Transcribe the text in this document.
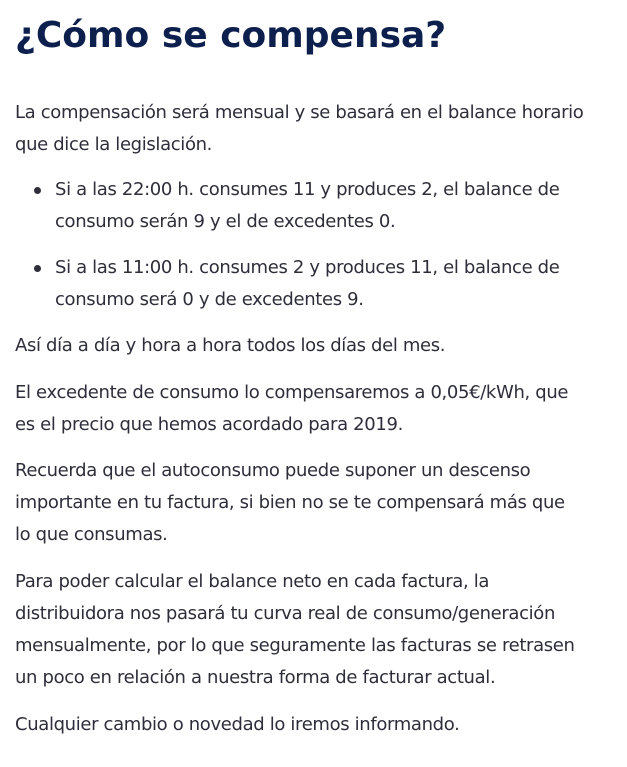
¿Cómo se compensa?

La compensación será mensual y se basará en el balance horario
que dice la legislación.

Si a las 22:00 h. consumes 11 y produces 2, el balance de
consumo serán 9 y el de excedentes 0.
Si a las 11:00 h. consumes 2 y produces 11, el balance de
consumo será 0 y de excedentes 9.

Así día a día y hora a hora todos los días del mes.

El excedente de consumo lo compensaremos a 0,05€/kWh, que
es el precio que hemos acordado para 2019.

Recuerda que el autoconsumo puede suponer un descenso
importante en tu factura, si bien no se te compensará más que
lo que consumas.

Para poder calcular el balance neto en cada factura, la
distribuidora nos pasará tu curva real de consumo/generación
mensualmente, por lo que seguramente las facturas se retrasen
un poco en relación a nuestra forma de facturar actual.

Cualquier cambio o novedad lo iremos informando.
